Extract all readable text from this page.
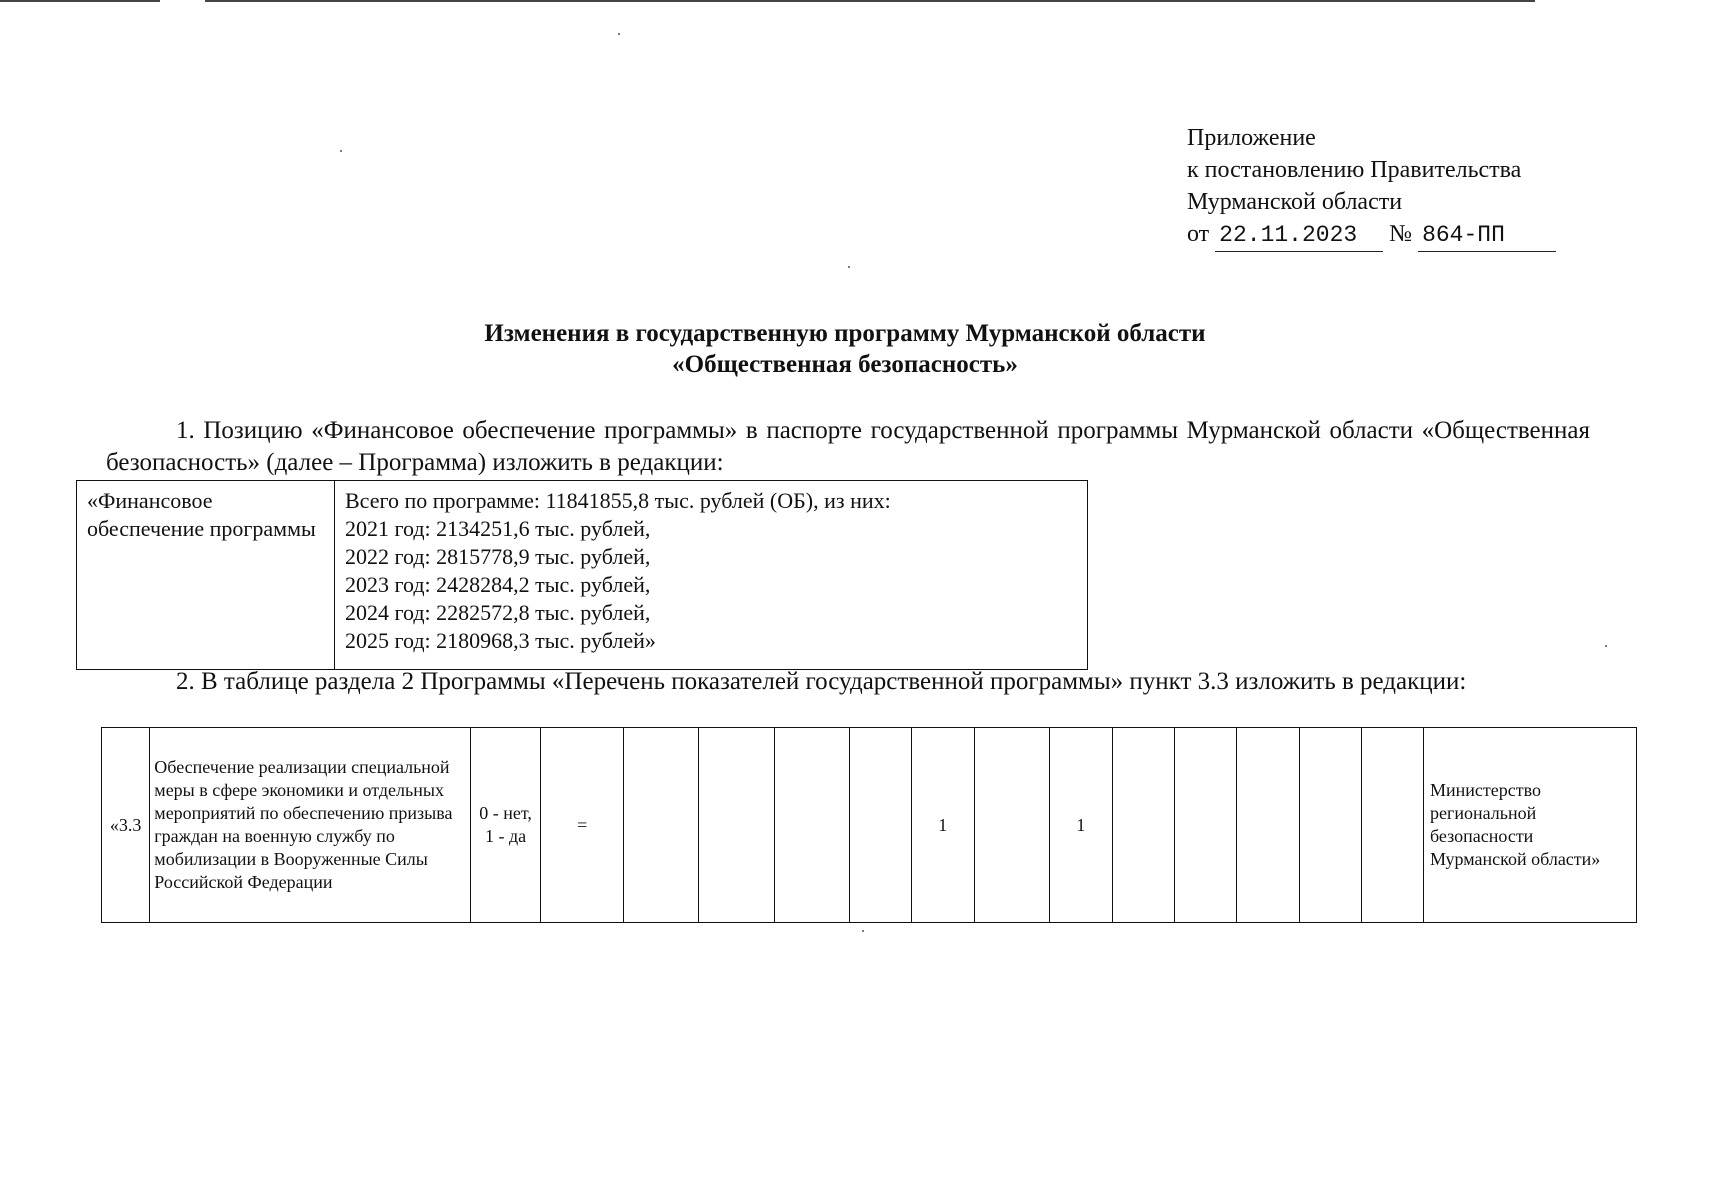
Приложение
к постановлению Правительства
Мурманской области
от 22.11.2023 № 864-ПП
Изменения в государственную программу Мурманской области
«Общественная безопасность»
1. Позицию «Финансовое обеспечение программы» в паспорте государственной программы Мурманской области «Общественная безопасность» (далее – Программа) изложить в редакции:
«Финансовое обеспечение программы	
Всего по программе: 11841855,8 тыс. рублей (ОБ), из них:
2021 год: 2134251,6 тыс. рублей,
2022 год: 2815778,9 тыс. рублей,
2023 год: 2428284,2 тыс. рублей,
2024 год: 2282572,8 тыс. рублей,
2025 год: 2180968,3 тыс. рублей»
2. В таблице раздела 2 Программы «Перечень показателей государственной программы» пункт 3.3 изложить в редакции:
«3.3	Обеспечение реализации специальной меры в сфере экономики и отдельных мероприятий по обеспечению призыва граждан на военную службу по мобилизации в Вооруженные Силы Российской Федерации	0 - нет, 1 - да	=					1		1						Министерство региональной безопасности Мурманской области»
